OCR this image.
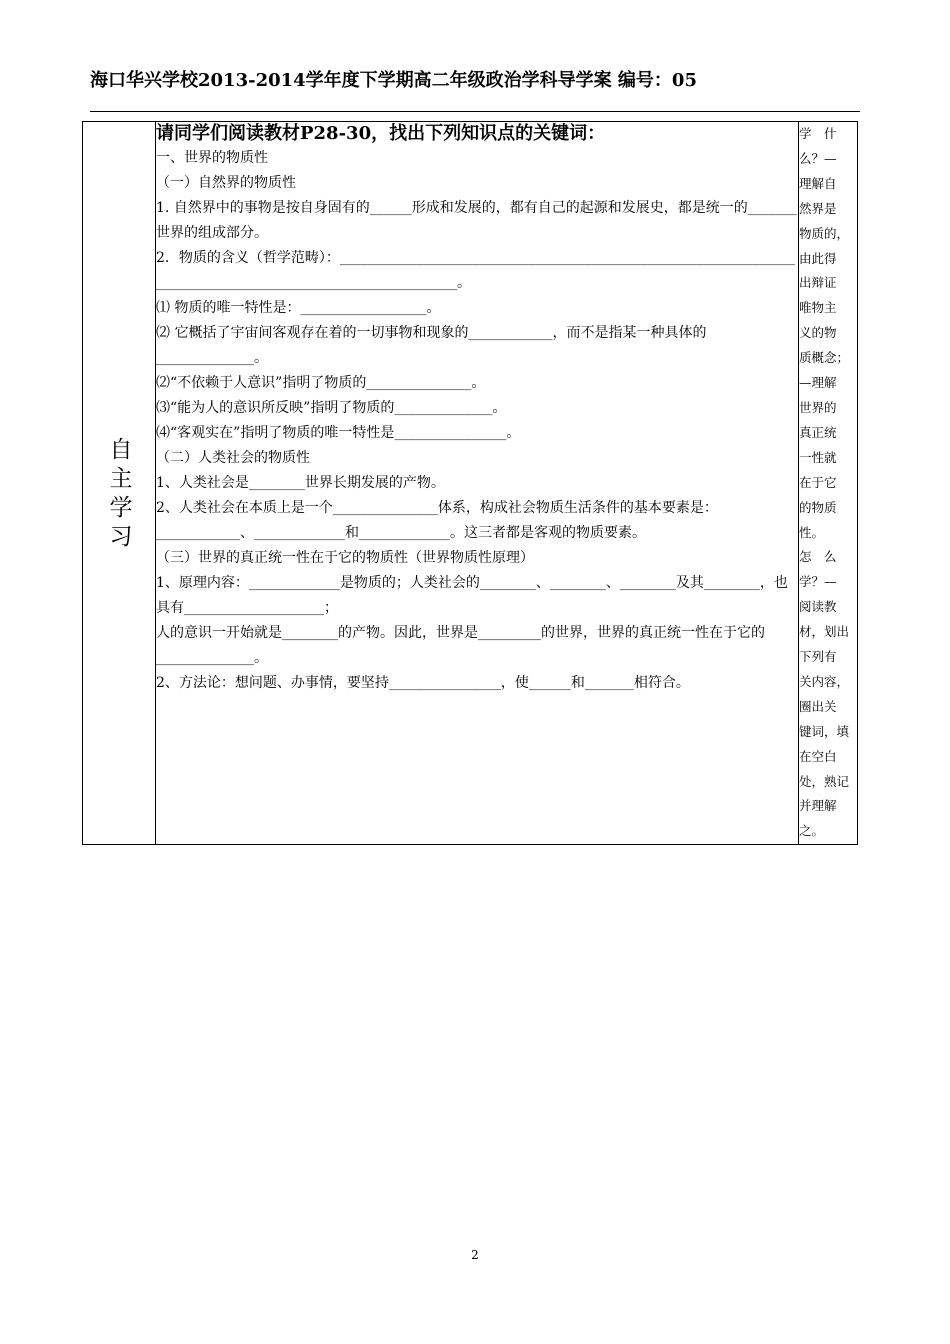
海口华兴学校2013-2014学年度下学期高二年级政治学科导学案 编号：05
自
主
学
习

请同学们阅读教材P28-30，找出下列知识点的关键词：

一、世界的物质性

（一）自然界的物质性

1. 自然界中的事物是按自身固有的______形成和发展的，都有自己的起源和发展史，都是统一的_______世界的组成部分。

2．物质的含义（哲学范畴）：____________________________________________________________________________________________________________。

⑴ 物质的唯一特性是：__________________。

⑵ 它概括了宇宙间客观存在着的一切事物和现象的____________，而不是指某一种具体的______________。

⑵“不依赖于人意识”指明了物质的_______________。

⑶“能为人的意识所反映”指明了物质的______________。

⑷“客观实在”指明了物质的唯一特性是________________。

（二）人类社会的物质性

1、人类社会是________世界长期发展的产物。

2、人类社会在本质上是一个_______________体系，构成社会物质生活条件的基本要素是：____________、_____________和_____________。这三者都是客观的物质要素。

（三）世界的真正统一性在于它的物质性（世界物质性原理）

1、原理内容：_____________是物质的；人类社会的________、________、________及其________，也具有____________________；

人的意识一开始就是________的产物。因此，世界是_________的世界，世界的真正统一性在于它的______________。

2、方法论：想问题、办事情，要坚持________________，使______和_______相符合。

学　什
么？—
理解自
然界是
物质的，
由此得
出辩证
唯物主
义的物
质概念；
—理解
世界的
真正统
一性就
在于它
的物质
性。
怎　么
学？—
阅读教
材，划出
下列有
关内容，
圈出关
键词，填
在空白
处，熟记
并理解
之。
2
